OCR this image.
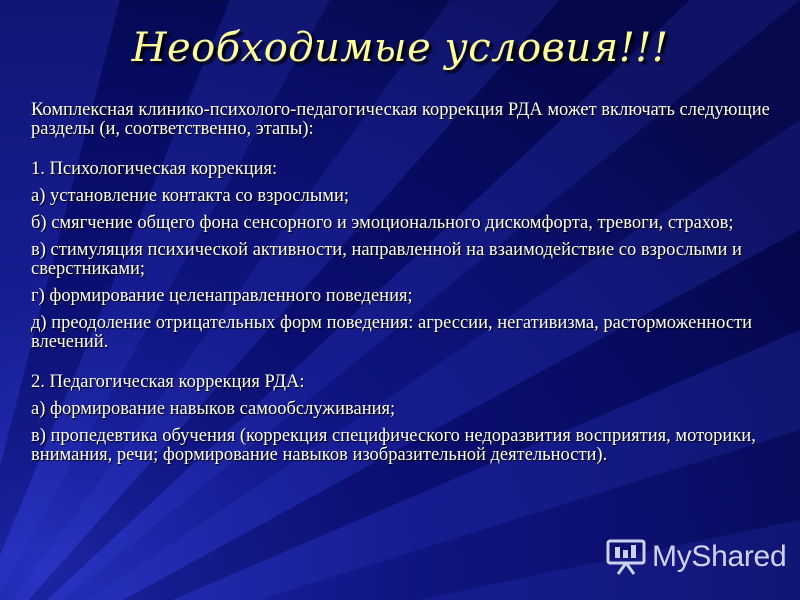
Необходимые условия!!!
Комплексная клинико-психолого-педагогическая коррекция РДА может включать следующие разделы (и, соответственно, этапы):
1. Психологическая коррекция:
а) установление контакта со взрослыми;
б) смягчение общего фона сенсорного и эмоционального дискомфорта, тревоги, страхов;
в) стимуляция психической активности, направленной на взаимодействие со взрослыми и сверстниками;
г) формирование целенаправленного поведения;
д) преодоление отрицательных форм поведения: агрессии, негативизма, расторможенности влечений.
2. Педагогическая коррекция РДА:
а) формирование навыков самообслуживания;
в) пропедевтика обучения (коррекция специфического недоразвития восприятия, моторики, внимания, речи; формирование навыков изобразительной деятельности).
MyShared
